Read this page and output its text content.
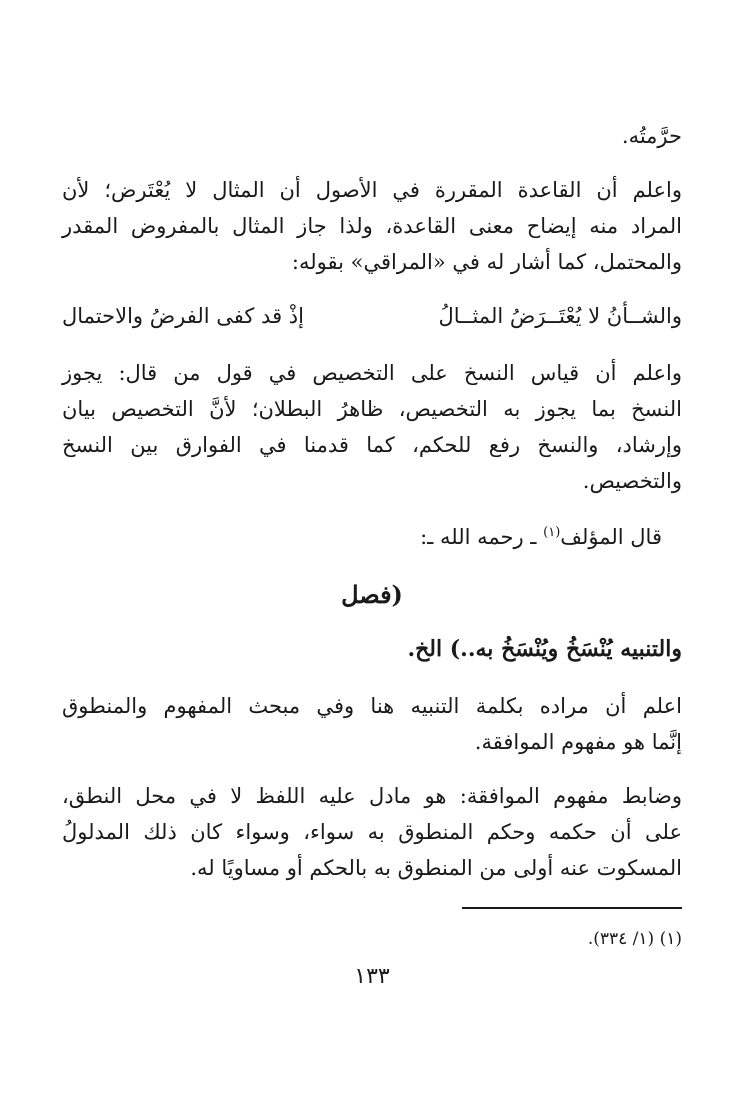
حرَّمتُه.
واعلم أن القاعدة المقررة في الأصول أن المثال لا يُعْتَرض؛ لأن
المراد منه إيضاح معنى القاعدة، ولذا جاز المثال بالمفروض المقدر
والمحتمل، كما أشار له في «المراقي» بقوله:
والشــأنُ لا يُعْتَــرَضُ المثــالُ
إذْ قد كفى الفرضُ والاحتمال
واعلم أن قياس النسخ على التخصيص في قول من قال: يجوز
النسخ بما يجوز به التخصيص، ظاهرُ البطلان؛ لأنَّ التخصيص بيان
وإرشاد، والنسخ رفع للحكم، كما قدمنا في الفوارق بين النسخ
والتخصيص.
قال المؤلف$^{(١)}$ ـ رحمه الله ـ:
(فصل
والتنبيه يُنْسَخُ ويُنْسَخُ به..) الخ.
اعلم أن مراده بكلمة التنبيه هنا وفي مبحث المفهوم والمنطوق
إنَّما هو مفهوم الموافقة.
وضابط مفهوم الموافقة: هو مادل عليه اللفظ لا في محل النطق،
على أن حكمه وحكم المنطوق به سواء، وسواء كان ذلك المدلولُ
المسكوت عنه أولى من المنطوق به بالحكم أو مساويًا له.
(١) (١/ ٣٣٤).
١٣٣
